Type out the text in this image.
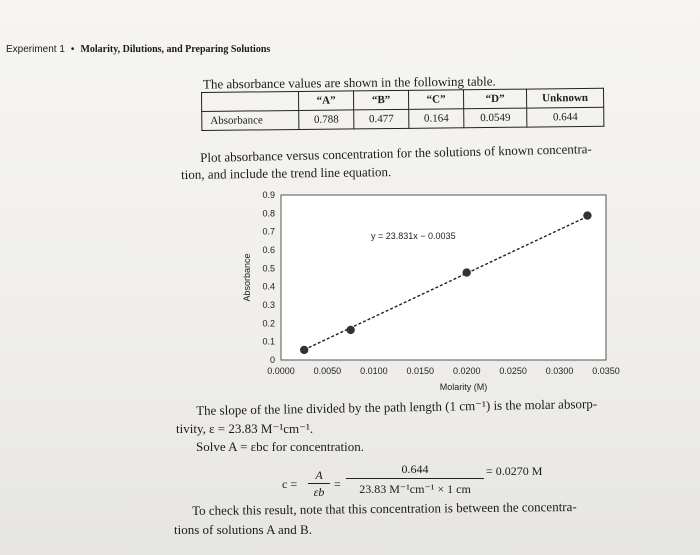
Experiment 1 • Molarity, Dilutions, and Preparing Solutions
The absorbance values are shown in the following table.
	“A”	“B”	“C”	“D”	Unknown
Absorbance	0.788	0.477	0.164	0.0549	0.644
Plot absorbance versus concentration for the solutions of known concentra-
tion, and include the trend line equation.
0
0.1
0.2
0.3
0.4
0.5
0.6
0.7
0.8
0.9
0.0000 0.0050 0.0100 0.0150 0.0200 0.0250 0.0300 0.0350
Molarity (M)
Absorbance
y = 23.831x − 0.0035
The slope of the line divided by the path length (1 cm⁻¹) is the molar absorp-
tivity, ε = 23.83 M⁻¹cm⁻¹.
Solve A = εbc for concentration.
c =
A
εb
=
0.644
23.83 M⁻¹cm⁻¹ × 1 cm
= 0.0270 M
To check this result, note that this concentration is between the concentra-
tions of solutions A and B.
